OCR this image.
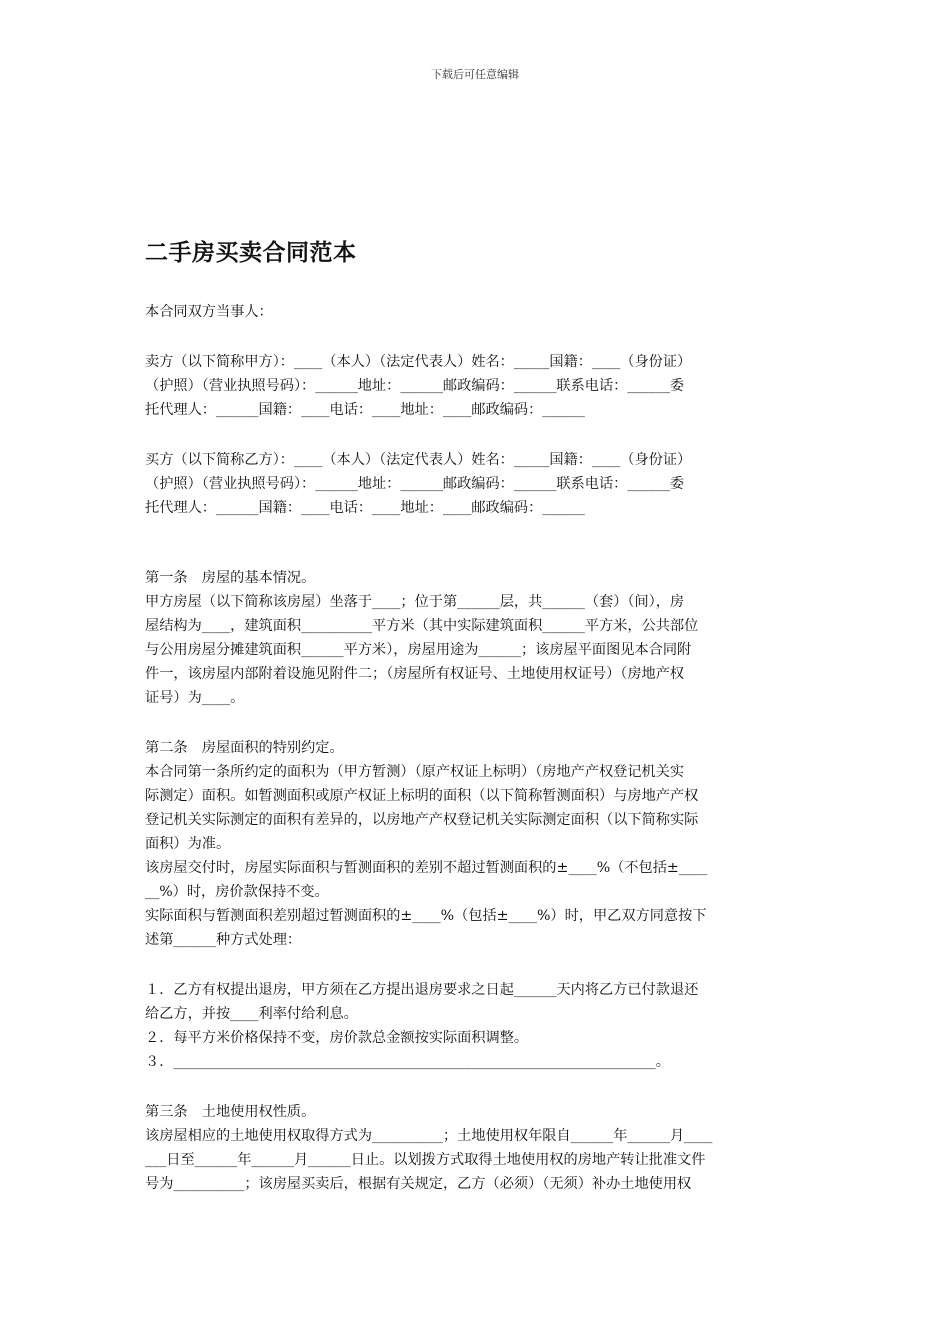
下载后可任意编辑
二手房买卖合同范本
本合同双方当事人：
卖方（以下简称甲方）：____（本人）（法定代表人）姓名：_____国籍：____（身份证）
（护照）（营业执照号码）：______地址：______邮政编码：______联系电话：______委
托代理人：______国籍：____电话：____地址：____邮政编码：______
买方（以下简称乙方）：____（本人）（法定代表人）姓名：_____国籍：____（身份证）
（护照）（营业执照号码）：______地址：______邮政编码：______联系电话：______委
托代理人：______国籍：____电话：____地址：____邮政编码：______
第一条　房屋的基本情况。
甲方房屋（以下简称该房屋）坐落于____；位于第______层，共______（套）（间），房
屋结构为____，建筑面积__________平方米（其中实际建筑面积______平方米，公共部位
与公用房屋分摊建筑面积______平方米），房屋用途为______；该房屋平面图见本合同附
件一，该房屋内部附着设施见附件二；（房屋所有权证号、土地使用权证号）（房地产权
证号）为____。
第二条　房屋面积的特别约定。
本合同第一条所约定的面积为（甲方暂测）（原产权证上标明）（房地产产权登记机关实
际测定）面积。如暂测面积或原产权证上标明的面积（以下简称暂测面积）与房地产产权
登记机关实际测定的面积有差异的，以房地产产权登记机关实际测定面积（以下简称实际
面积）为准。
该房屋交付时，房屋实际面积与暂测面积的差别不超过暂测面积的±____%（不包括±____
__%）时，房价款保持不变。
实际面积与暂测面积差别超过暂测面积的±____%（包括±____%）时，甲乙双方同意按下
述第______种方式处理：
１．乙方有权提出退房，甲方须在乙方提出退房要求之日起______天内将乙方已付款退还
给乙方，并按____利率付给利息。
２．每平方米价格保持不变，房价款总金额按实际面积调整。
３．____________________________________________________________________。
第三条　土地使用权性质。
该房屋相应的土地使用权取得方式为__________；土地使用权年限自______年______月____
___日至______年______月______日止。以划拨方式取得土地使用权的房地产转让批准文件
号为__________；该房屋买卖后，根据有关规定，乙方（必须）（无须）补办土地使用权
